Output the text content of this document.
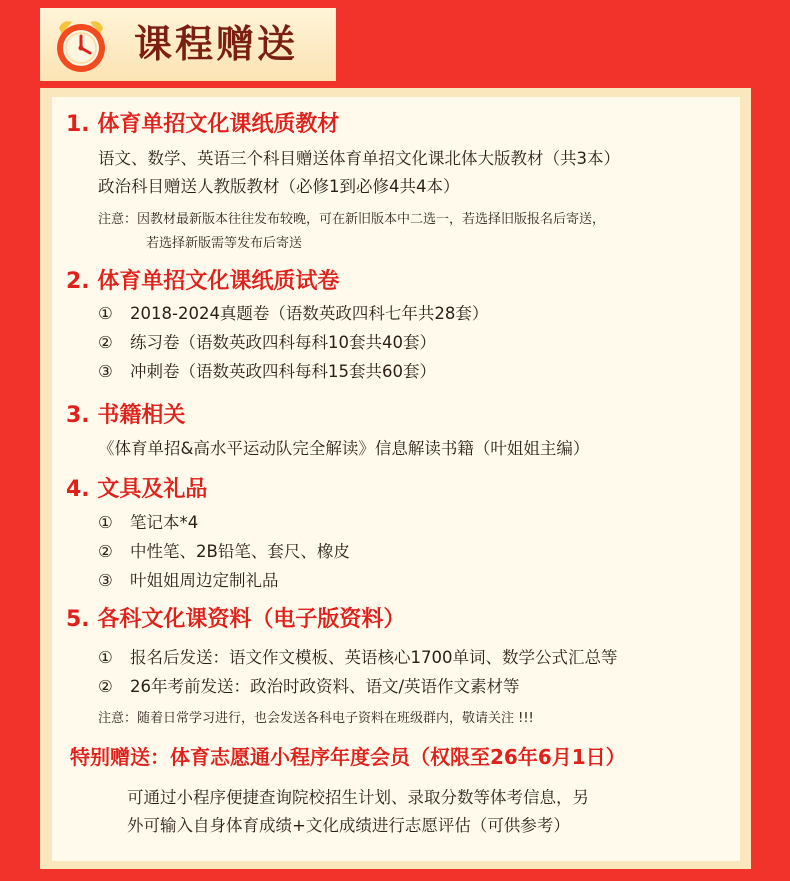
课程赠送
1. 体育单招文化课纸质教材
语文、数学、英语三个科目赠送体育单招文化课北体大版教材（共3本）
政治科目赠送人教版教材（必修1到必修4共4本）
注意：因教材最新版本往往发布较晚，可在新旧版本中二选一，若选择旧版报名后寄送，
若选择新版需等发布后寄送
2. 体育单招文化课纸质试卷
① 2018-2024真题卷（语数英政四科七年共28套）
② 练习卷（语数英政四科每科10套共40套）
③ 冲刺卷（语数英政四科每科15套共60套）
3. 书籍相关
《体育单招&高水平运动队完全解读》信息解读书籍（叶姐姐主编）
4. 文具及礼品
① 笔记本*4
② 中性笔、2B铅笔、套尺、橡皮
③ 叶姐姐周边定制礼品
5. 各科文化课资料（电子版资料）
① 报名后发送：语文作文模板、英语核心1700单词、数学公式汇总等
② 26年考前发送：政治时政资料、语文/英语作文素材等
注意：随着日常学习进行，也会发送各科电子资料在班级群内，敬请关注 !!!
特别赠送：体育志愿通小程序年度会员（权限至26年6月1日）
可通过小程序便捷查询院校招生计划、录取分数等体考信息，另
外可输入自身体育成绩+文化成绩进行志愿评估（可供参考）
